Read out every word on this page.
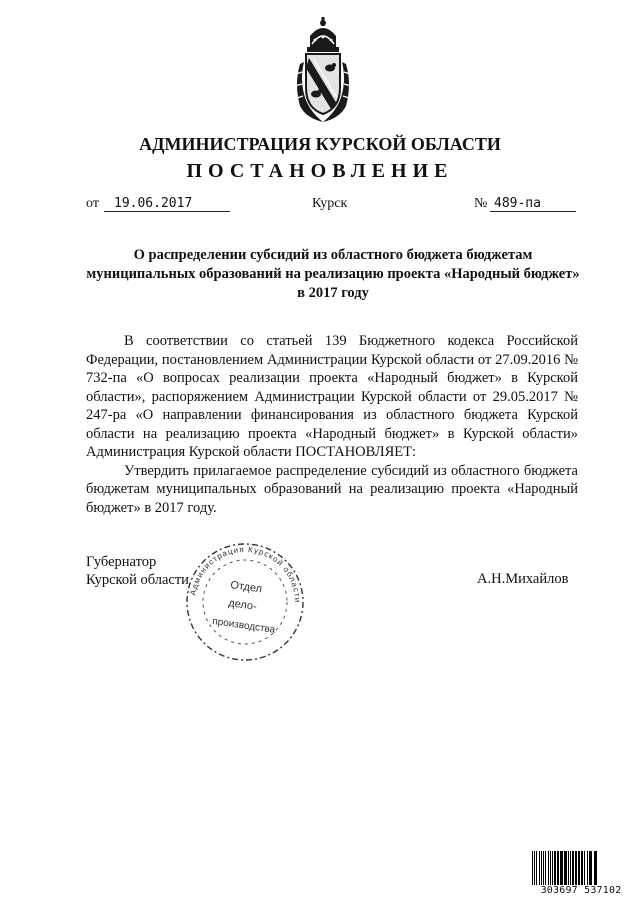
АДМИНИСТРАЦИЯ КУРСКОЙ ОБЛАСТИ
ПОСТАНОВЛЕНИЕ
от	19.06.2017	Курск	№ 489-па
О распределении субсидий из областного бюджета бюджетам муниципальных образований на реализацию проекта «Народный бюджет» в 2017 году

В соответствии со статьей 139 Бюджетного кодекса Российской Федерации, постановлением Администрации Курской области от 27.09.2016 № 732-па «О вопросах реализации проекта «Народный бюджет» в Курской области», распоряжением Администрации Курской области от 29.05.2017 № 247-ра «О направлении финансирования из областного бюджета Курской области на реализацию проекта «Народный бюджет» в Курской области» Администрация Курской области ПОСТАНОВЛЯЕТ:

Утвердить прилагаемое распределение субсидий из областного бюджета бюджетам муниципальных образований на реализацию проекта «Народный бюджет» в 2017 году.

Губернатор
Курской области	А.Н.Михайлов
Администрация Курской области
Отдел
дело-
производства
303697 537102
